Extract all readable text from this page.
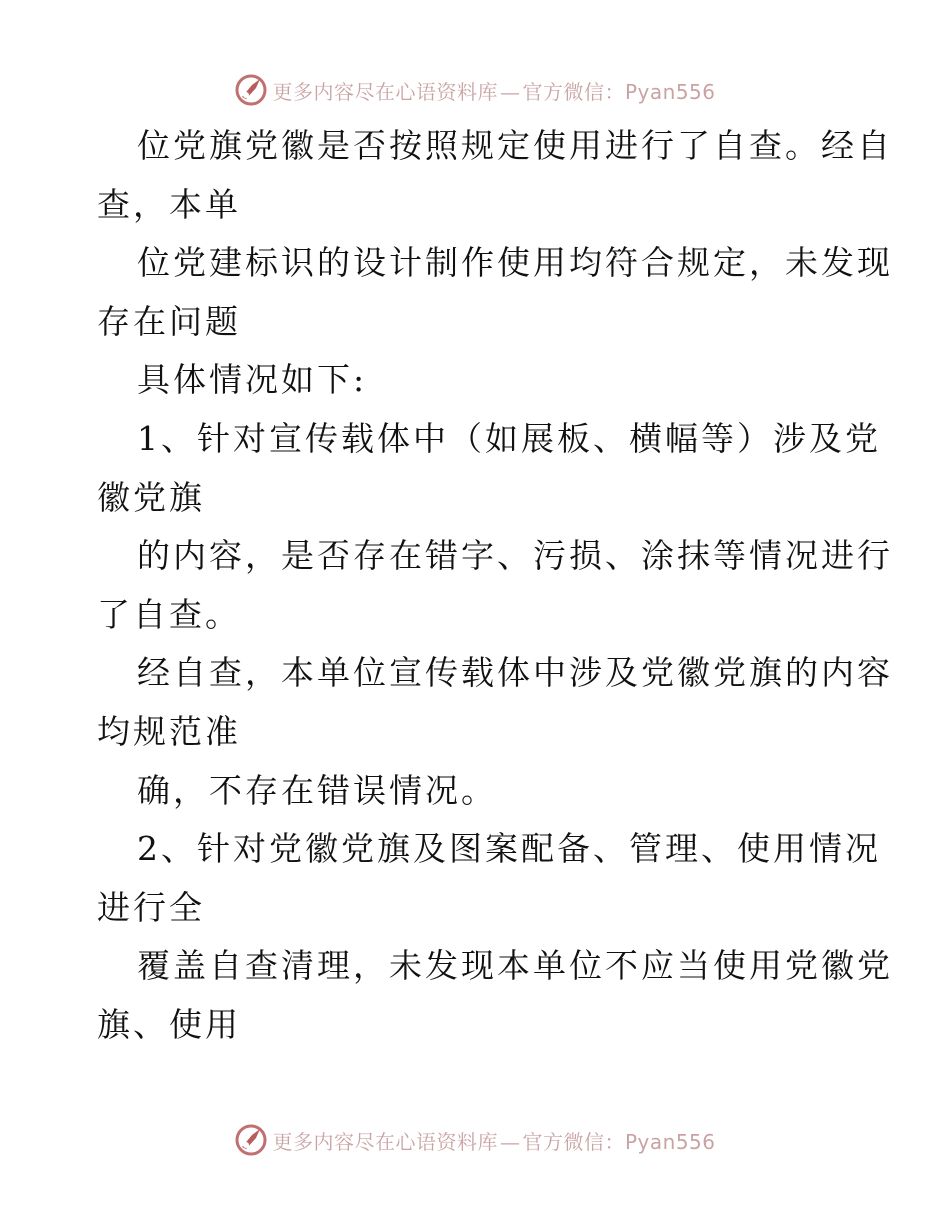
更多内容尽在心语资料库 — 官方微信：Pyan556
位党旗党徽是否按照规定使用进行了自查。经自
查，本单
位党建标识的设计制作使用均符合规定，未发现
存在问题
具体情况如下:
1、针对宣传载体中（如展板、横幅等）涉及党
徽党旗
的内容，是否存在错字、污损、涂抹等情况进行
了自查。
经自查，本单位宣传载体中涉及党徽党旗的内容
均规范准
确，不存在错误情况。
2、针对党徽党旗及图案配备、管理、使用情况
进行全
覆盖自查清理，未发现本单位不应当使用党徽党
旗、使用
更多内容尽在心语资料库 — 官方微信：Pyan556
